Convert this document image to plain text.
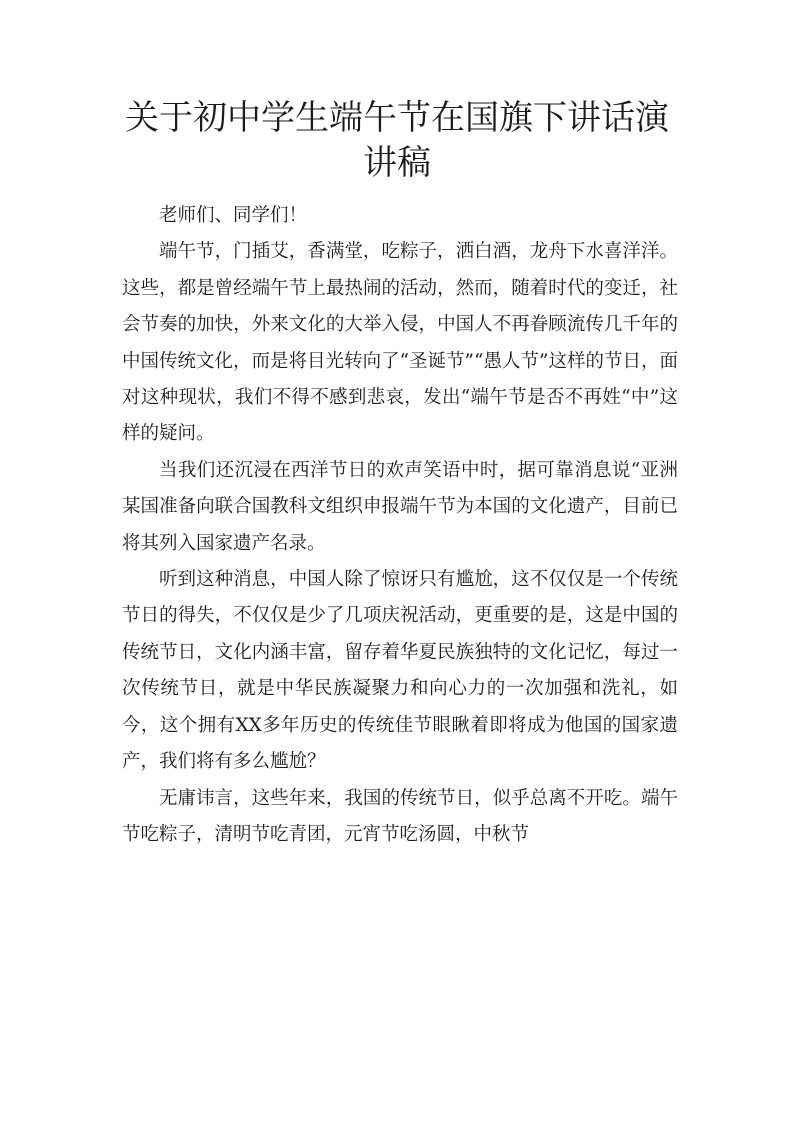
关于初中学生端午节在国旗下讲话演讲稿

老师们、同学们！

端午节，门插艾，香满堂，吃粽子，洒白酒，龙舟下水喜洋洋。这些，都是曾经端午节上最热闹的活动，然而，随着时代的变迁，社会节奏的加快，外来文化的大举入侵，中国人不再眷顾流传几千年的中国传统文化，而是将目光转向了“圣诞节”“愚人节”这样的节日，面对这种现状，我们不得不感到悲哀，发出“端午节是否不再姓“中”这样的疑问。

当我们还沉浸在西洋节日的欢声笑语中时，据可靠消息说“亚洲某国准备向联合国教科文组织申报端午节为本国的文化遗产，目前已将其列入国家遗产名录。

听到这种消息，中国人除了惊讶只有尴尬，这不仅仅是一个传统节日的得失，不仅仅是少了几项庆祝活动，更重要的是，这是中国的传统节日，文化内涵丰富，留存着华夏民族独特的文化记忆，每过一次传统节日，就是中华民族凝聚力和向心力的一次加强和洗礼，如今，这个拥有XX多年历史的传统佳节眼瞅着即将成为他国的国家遗产，我们将有多么尴尬？

无庸讳言，这些年来，我国的传统节日，似乎总离不开吃。端午节吃粽子，清明节吃青团，元宵节吃汤圆，中秋节
